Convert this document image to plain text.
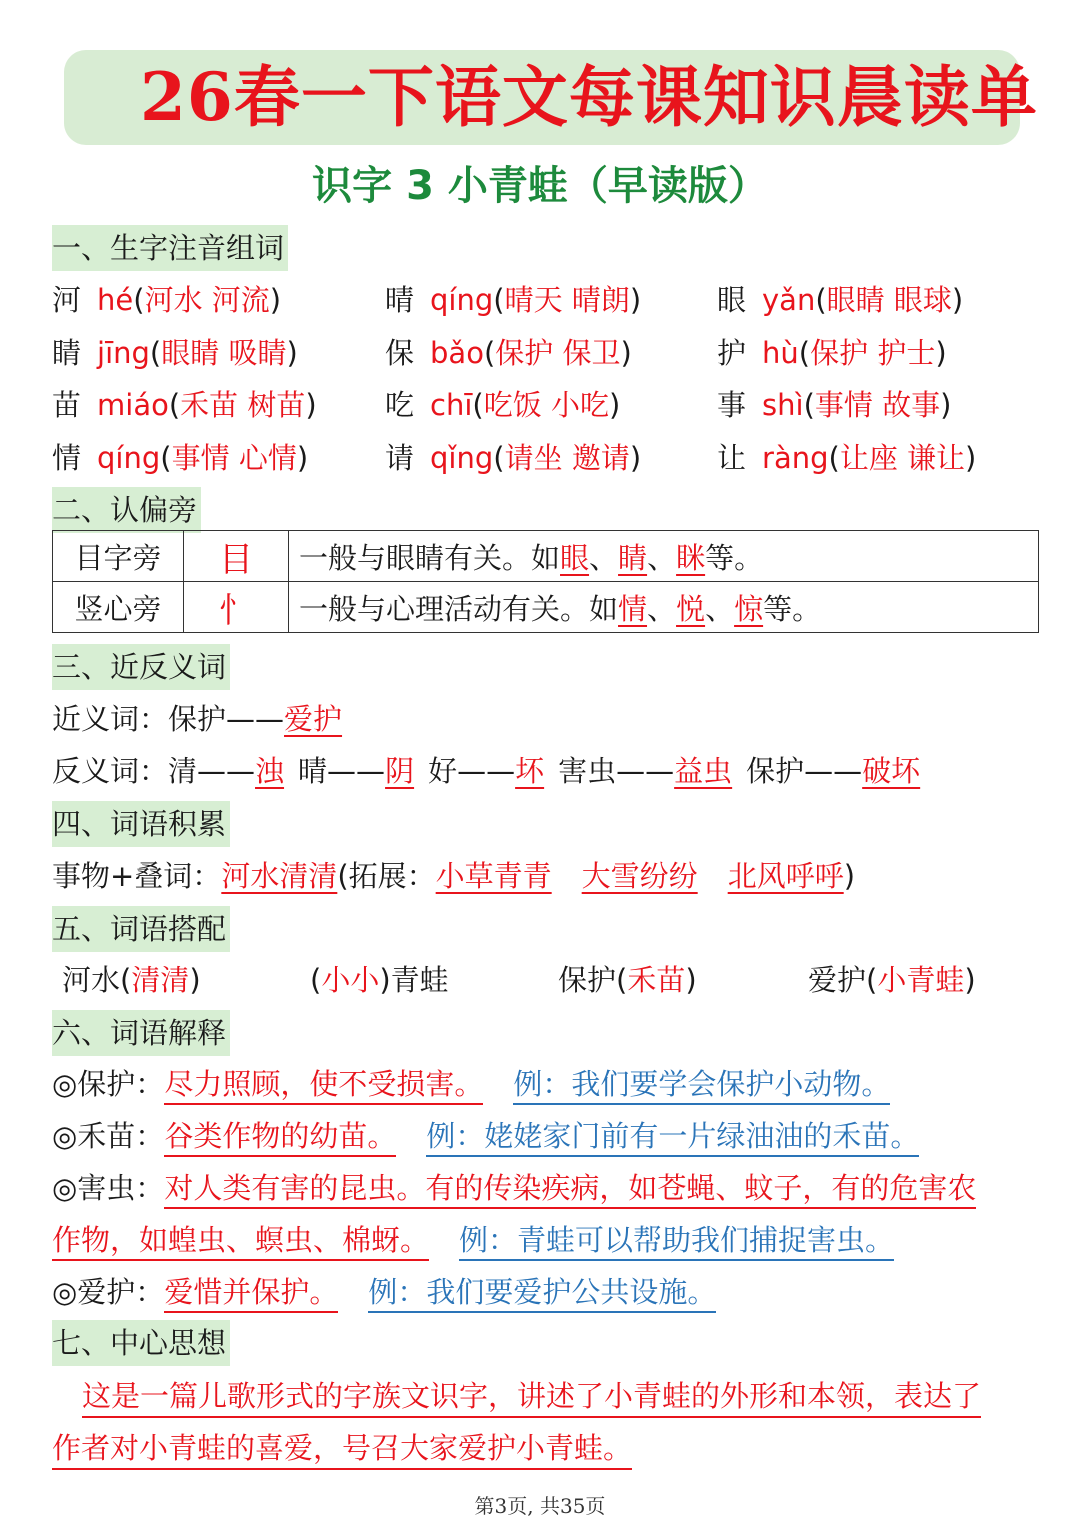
26春一下语文每课知识晨读单
识字 3 小青蛙（早读版）
一、生字注音组词
河 hé(河水 河流)	晴 qíng(晴天 晴朗)	眼 yǎn(眼睛 眼球)
睛 jīng(眼睛 吸睛)	保 bǎo(保护 保卫)	护 hù(保护 护士)
苗 miáo(禾苗 树苗) 吃 chī(吃饭 小吃)	事 shì(事情 故事)
情 qíng(事情 心情)	请 qǐng(请坐 邀请)	让 ràng(让座 谦让)
二、认偏旁
目字旁	目	一般与眼睛有关。如眼、睛、眯等。
竖心旁	忄	一般与心理活动有关。如情、悦、惊等。
三、近反义词
近义词：保护——爱护
反义词：清——浊 晴——阴 好——坏 害虫——益虫 保护——破坏
四、词语积累
事物+叠词：河水清清(拓展：小草青青 大雪纷纷 北风呼呼)
五、词语搭配
河水(清清)	(小小)青蛙	保护(禾苗)	爱护(小青蛙)
六、词语解释
◎保护：尽力照顾，使不受损害。 例：我们要学会保护小动物。
◎禾苗：谷类作物的幼苗。 例：姥姥家门前有一片绿油油的禾苗。
◎害虫：对人类有害的昆虫。有的传染疾病，如苍蝇、蚊子，有的危害农
作物，如蝗虫、螟虫、棉蚜。 例：青蛙可以帮助我们捕捉害虫。
◎爱护：爱惜并保护。 例：我们要爱护公共设施。
七、中心思想
这是一篇儿歌形式的字族文识字，讲述了小青蛙的外形和本领，表达了
作者对小青蛙的喜爱，号召大家爱护小青蛙。
第3页, 共35页
